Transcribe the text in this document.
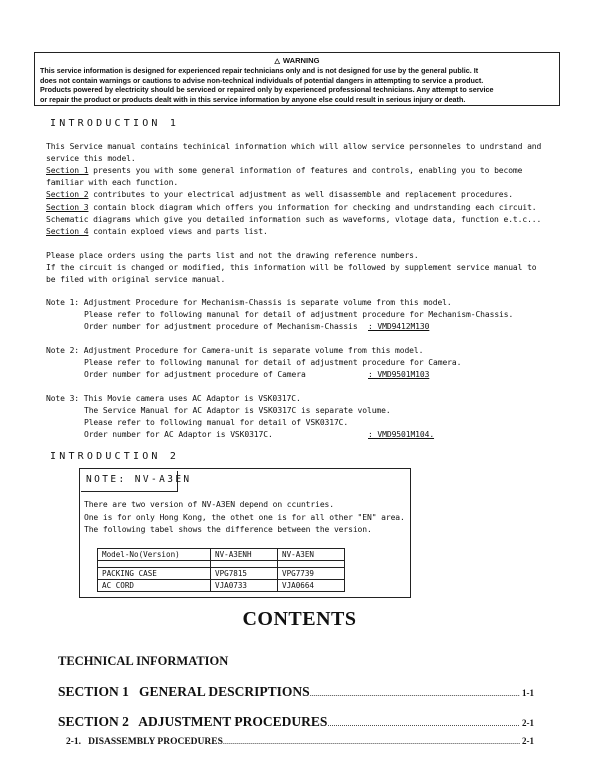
△ WARNING
This service information is designed for experienced repair technicians only and is not designed for use by the general public. It
does not contain warnings or cautions to advise non-technical individuals of potential dangers in attempting to service a product.
Products powered by electricity should be serviced or repaired only by experienced professional technicians. Any attempt to service
or repair the product or products dealt with in this service information by anyone else could result in serious injury or death.
INTRODUCTION 1
This Service manual contains techinical information which will allow service personneles to undrstand and
service this model.
Section 1 presents you with some general information of features and controls, enabling you to become
familiar with each function.
Section 2 contributes to your electrical adjustment as well disassemble and replacement procedures.
Section 3 contain block diagram which offers you information for checking and undrstanding each circuit.
Schematic diagrams which give you detailed information such as waveforms, vlotage data, function e.t.c...
Section 4 contain exploed views and parts list.
Please place orders using the parts list and not the drawing reference numbers.
If the circuit is changed or modified, this information will be followed by supplement service manual to
be filed with original service manual.
Note 1: Adjustment Procedure for Mechanism-Chassis is separate volume from this model.
Please refer to following manunal for detail of adjustment procedure for Mechanism-Chassis.
Order number for adjustment procedure of Mechanism-Chassis : VMD9412M130
Note 2: Adjustment Procedure for Camera-unit is separate volume from this model.
Please refer to following manunal for detail of adjustment procedure for Camera.
Order number for adjustment procedure of Camera	: VMD9501M103
Note 3: This Movie camera uses AC Adaptor is VSK0317C.
The Service Manual for AC Adaptor is VSK0317C is separate volume.
Please refer to following manual for detail of VSK0317C.
Order number for AC Adaptor is VSK0317C.	: VMD9501M104.
INTRODUCTION 2
NOTE: NV-A3EN
There are two version of NV-A3EN depend on ccuntries.
One is for only Hong Kong, the othet one is for all other "EN" area.
The following tabel shows the difference between the version.
Model-No(Version)	NV-A3ENH	NV-A3EN

PACKING CASE	VPG7815	VPG7739
AC CORD	VJA0733	VJA0664
CONTENTS
TECHNICAL INFORMATION
SECTION 1   GENERAL DESCRIPTIONS .....	1-1
SECTION 2   ADJUSTMENT PROCEDURES .....	2-1
2-1.   DISASSEMBLY PROCEDURES .....	2-1
